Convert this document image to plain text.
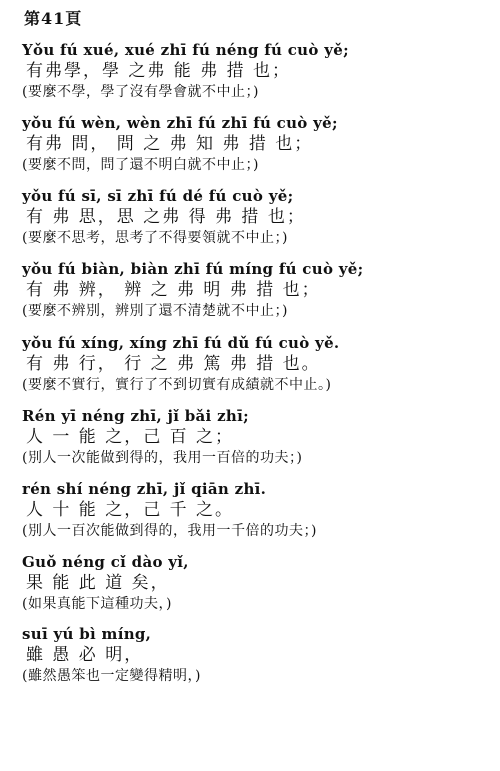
第41頁
Yǒu fú xué, xué zhī fú néng fú cuò yě;
有弗學，學 之弗 能 弗 措 也；
(要麼不學，學了沒有學會就不中止；)
yǒu fú wèn, wèn zhī fú zhī fú cuò yě;
有弗 問， 問 之 弗 知 弗 措 也；
(要麼不問，問了還不明白就不中止；)
yǒu fú sī, sī zhī fú dé fú cuò yě;
有 弗 思，思 之弗 得 弗 措 也；
(要麼不思考，思考了不得要領就不中止；)
yǒu fú biàn, biàn zhī fú míng fú cuò yě;
有 弗 辨， 辨 之 弗 明 弗 措 也；
(要麼不辨別，辨別了還不清楚就不中止；)
yǒu fú xíng, xíng zhī fú dǔ fú cuò yě.
有 弗 行， 行 之 弗 篤 弗 措 也。
(要麼不實行，實行了不到切實有成績就不中止。)
Rén yī néng zhī, jǐ bǎi zhī;
人 一 能 之，己 百 之；
(別人一次能做到得的，我用一百倍的功夫；)
rén shí néng zhī, jǐ qiān zhī.
人 十 能 之，己 千 之。
(別人一百次能做到得的，我用一千倍的功夫；)
Guǒ néng cǐ dào yǐ,
果 能 此 道 矣，
(如果真能下這種功夫，)
suī yú bì míng,
雖 愚 必 明，
(雖然愚笨也一定變得精明，)
